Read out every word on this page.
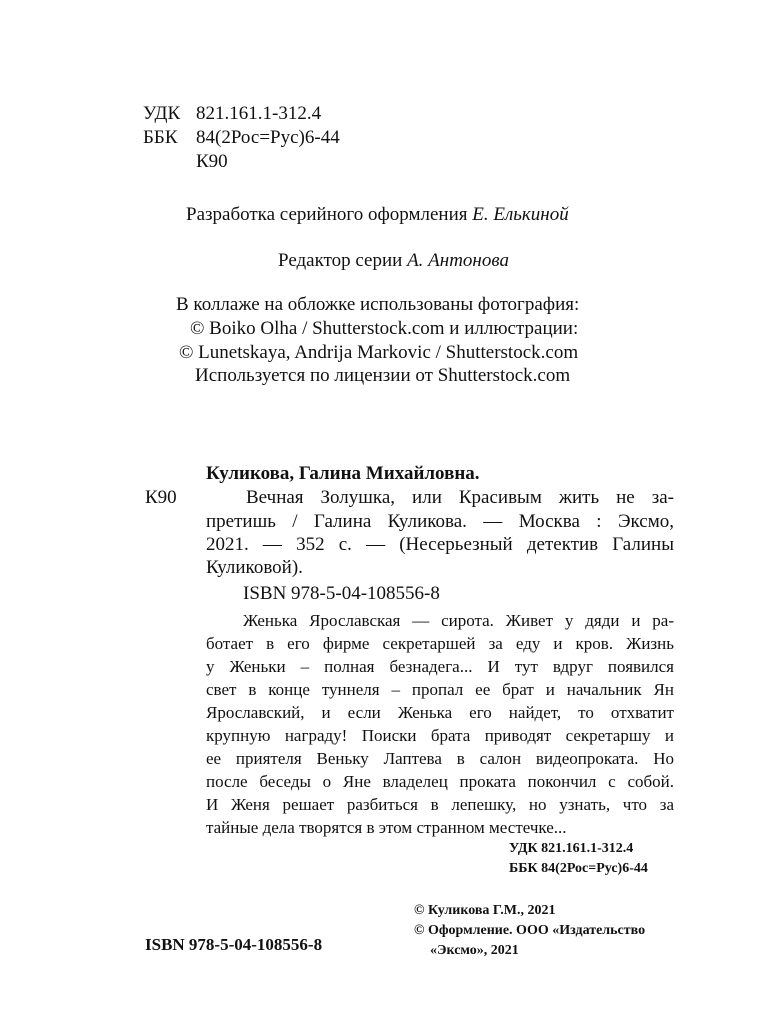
УДК 821.161.1-312.4
ББК 84(2Рос=Рус)6-44
К90
Разработка серийного оформления Е. Елькиной
Редактор серии А. Антонова
В коллаже на обложке использованы фотография:
© Boiko Olha / Shutterstock.com и иллюстрации:
© Lunetskaya, Andrija Markovic / Shutterstock.com
Используется по лицензии от Shutterstock.com
Куликова, Галина Михайловна.
К90	Вечная Золушка, или Красивым жить не за-
претишь / Галина Куликова. — Москва : Эксмо,
2021. — 352 с. — (Несерьезный детектив Галины
Куликовой).
ISBN 978-5-04-108556-8
Женька Ярославская — сирота. Живет у дяди и ра-
ботает в его фирме секретаршей за еду и кров. Жизнь
у Женьки – полная безнадега... И тут вдруг появился
свет в конце туннеля – пропал ее брат и начальник Ян
Ярославский, и если Женька его найдет, то отхватит
крупную награду! Поиски брата приводят секретаршу и
ее приятеля Веньку Лаптева в салон видеопроката. Но
после беседы о Яне владелец проката покончил с собой.
И Женя решает разбиться в лепешку, но узнать, что за
тайные дела творятся в этом странном местечке...
УДК 821.161.1-312.4
ББК 84(2Рос=Рус)6-44
© Куликова Г.М., 2021
© Оформление. ООО «Издательство
«Эксмо», 2021
ISBN 978-5-04-108556-8
